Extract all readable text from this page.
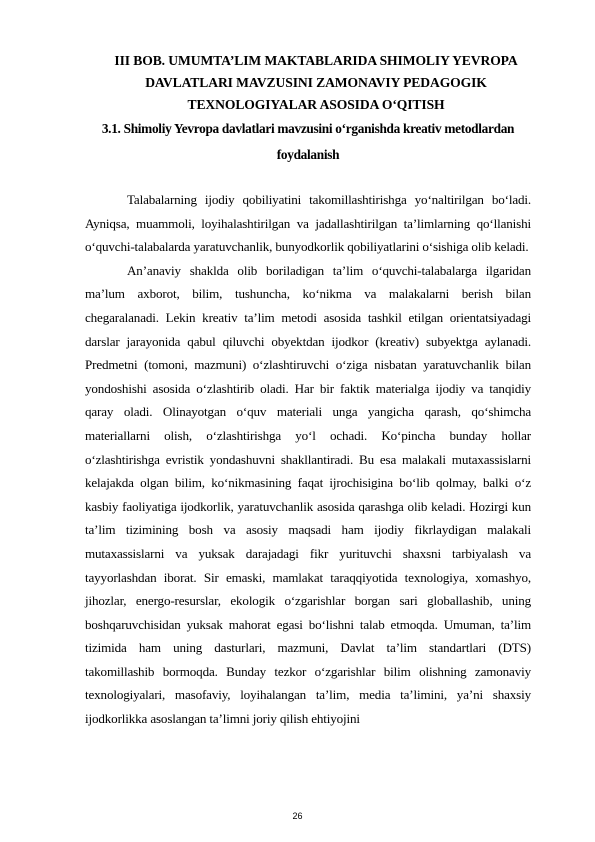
III BOB. UMUMTA’LIM MAKTABLARIDA SHIMOLIY YEVROPA DAVLATLARI MAVZUSINI ZAMONAVIY PEDAGOGIK TEXNOLOGIYALAR ASOSIDA O‘QITISH
3.1. Shimoliy Yevropa davlatlari mavzusini o‘rganishda kreativ metodlardan foydalanish

Talabalarning ijodiy qobiliyatini takomillashtirishga yo‘naltirilgan bo‘ladi. Ayniqsa, muammoli, loyihalashtirilgan va jadallashtirilgan ta’limlarning qo‘llanishi o‘quvchi-talabalarda yaratuvchanlik, bunyodkorlik qobiliyatlarini o‘sishiga olib keladi.

An’anaviy shaklda olib boriladigan ta’lim o‘quvchi-talabalarga ilgaridan ma’lum axborot, bilim, tushuncha, ko‘nikma va malakalarni berish bilan chegaralanadi. Lekin kreativ ta’lim metodi asosida tashkil etilgan orientatsiyadagi darslar jarayonida qabul qiluvchi obyektdan ijodkor (kreativ) subyektga aylanadi. Predmetni (tomoni, mazmuni) o‘zlashtiruvchi o‘ziga nisbatan yaratuvchanlik bilan yondoshishi asosida o‘zlashtirib oladi. Har bir faktik materialga ijodiy va tanqidiy qaray oladi. Olinayotgan o‘quv materiali unga yangicha qarash, qo‘shimcha materiallarni olish, o‘zlashtirishga yo‘l ochadi. Ko‘pincha bunday hollar o‘zlashtirishga evristik yondashuvni shakllantiradi. Bu esa malakali mutaxassislarni kelajakda olgan bilim, ko‘nikmasining faqat ijrochisigina bo‘lib qolmay, balki o‘z kasbiy faoliyatiga ijodkorlik, yaratuvchanlik asosida qarashga olib keladi. Hozirgi kun ta’lim tizimining bosh va asosiy maqsadi ham ijodiy fikrlaydigan malakali mutaxassislarni va yuksak darajadagi fikr yurituvchi shaxsni tarbiyalash va tayyorlashdan iborat. Sir emaski, mamlakat taraqqiyotida texnologiya, xomashyo, jihozlar, energo-resurslar, ekologik o‘zgarishlar borgan sari globallashib, uning boshqaruvchisidan yuksak mahorat egasi bo‘lishni talab etmoqda. Umuman, ta’lim tizimida ham uning dasturlari, mazmuni, Davlat ta’lim standartlari (DTS) takomillashib bormoqda. Bunday tezkor o‘zgarishlar bilim olishning zamonaviy texnologiyalari, masofaviy, loyihalangan ta’lim, media ta’limini, ya’ni shaxsiy ijodkorlikka asoslangan ta’limni joriy qilish ehtiyojini

26
